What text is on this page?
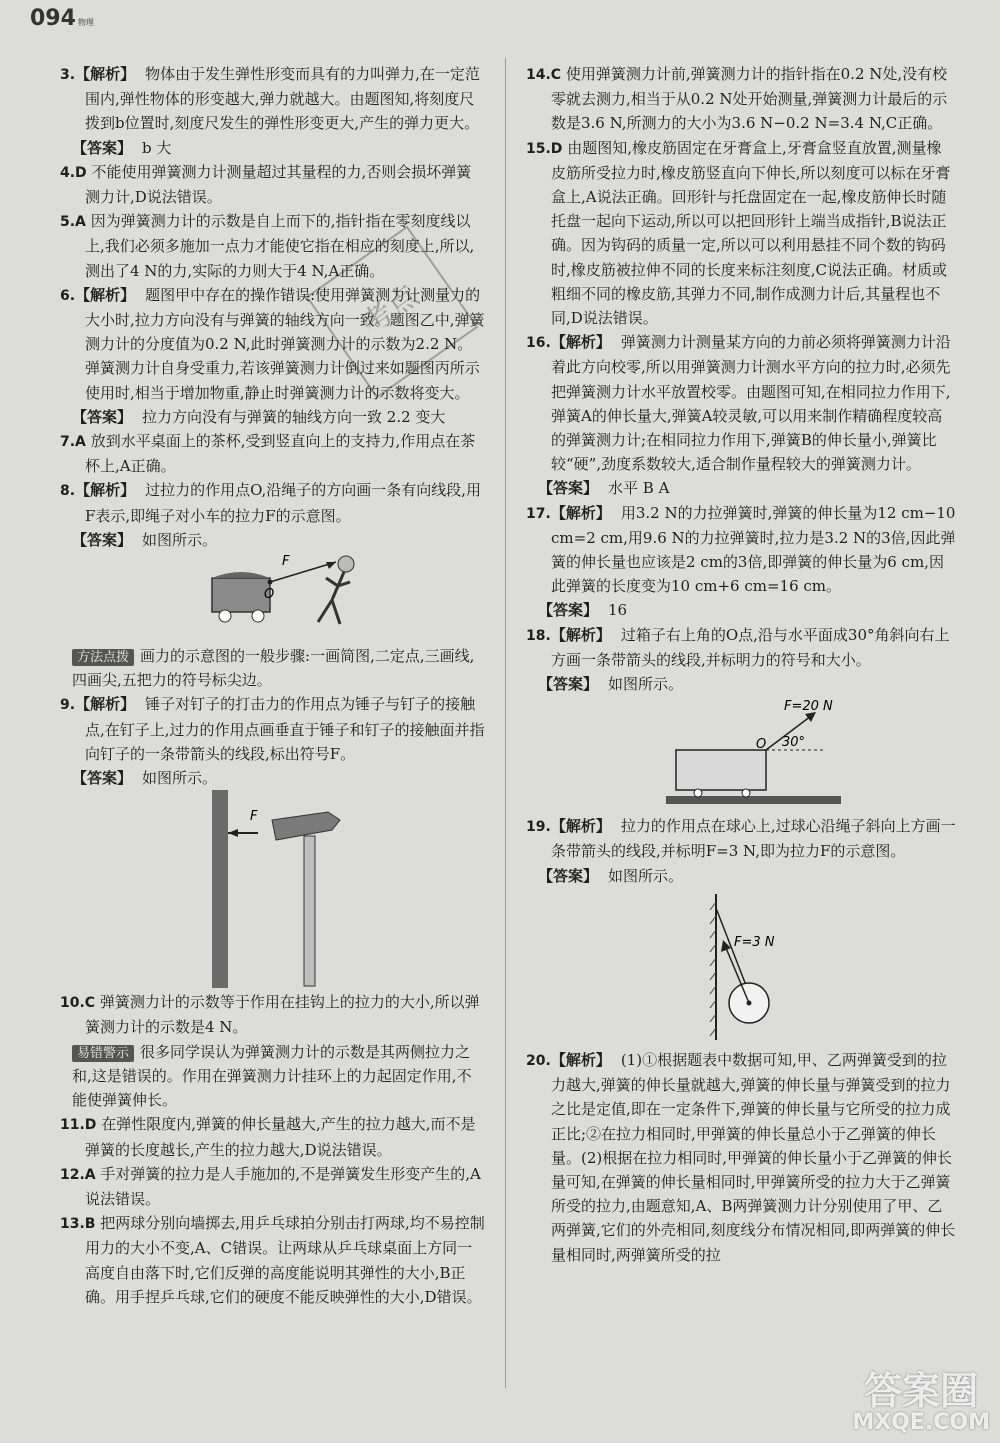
094 物理
考点

3.【解析】 物体由于发生弹性形变而具有的力叫弹力,在一定范围内,弹性物体的形变越大,弹力就越大。由题图知,将刻度尺拨到b位置时,刻度尺发生的弹性形变更大,产生的弹力更大。

【答案】 b 大

4.D 不能使用弹簧测力计测量超过其量程的力,否则会损坏弹簧测力计,D说法错误。

5.A 因为弹簧测力计的示数是自上而下的,指针指在零刻度线以上,我们必须多施加一点力才能使它指在相应的刻度上,所以,测出了4 N的力,实际的力则大于4 N,A正确。

6.【解析】 题图甲中存在的操作错误:使用弹簧测力计测量力的大小时,拉力方向没有与弹簧的轴线方向一致。题图乙中,弹簧测力计的分度值为0.2 N,此时弹簧测力计的示数为2.2 N。弹簧测力计自身受重力,若该弹簧测力计倒过来如题图丙所示使用时,相当于增加物重,静止时弹簧测力计的示数将变大。

【答案】 拉力方向没有与弹簧的轴线方向一致 2.2 变大

7.A 放到水平桌面上的茶杯,受到竖直向上的支持力,作用点在茶杯上,A正确。

8.【解析】 过拉力的作用点O,沿绳子的方向画一条有向线段,用F表示,即绳子对小车的拉力F的示意图。

【答案】 如图所示。

F
O

方法点拨 画力的示意图的一般步骤:一画简图,二定点,三画线,四画尖,五把力的符号标尖边。

9.【解析】 锤子对钉子的打击力的作用点为锤子与钉子的接触点,在钉子上,过力的作用点画垂直于锤子和钉子的接触面并指向钉子的一条带箭头的线段,标出符号F。

【答案】 如图所示。

F

10.C 弹簧测力计的示数等于作用在挂钩上的拉力的大小,所以弹簧测力计的示数是4 N。

易错警示 很多同学误认为弹簧测力计的示数是其两侧拉力之和,这是错误的。作用在弹簧测力计挂环上的力起固定作用,不能使弹簧伸长。

11.D 在弹性限度内,弹簧的伸长量越大,产生的拉力越大,而不是弹簧的长度越长,产生的拉力越大,D说法错误。

12.A 手对弹簧的拉力是人手施加的,不是弹簧发生形变产生的,A说法错误。

13.B 把两球分别向墙掷去,用乒乓球拍分别击打两球,均不易控制用力的大小不变,A、C错误。让两球从乒乓球桌面上方同一高度自由落下时,它们反弹的高度能说明其弹性的大小,B正确。用手捏乒乓球,它们的硬度不能反映弹性的大小,D错误。

14.C 使用弹簧测力计前,弹簧测力计的指针指在0.2 N处,没有校零就去测力,相当于从0.2 N处开始测量,弹簧测力计最后的示数是3.6 N,所测力的大小为3.6 N−0.2 N=3.4 N,C正确。

15.D 由题图知,橡皮筋固定在牙膏盒上,牙膏盒竖直放置,测量橡皮筋所受拉力时,橡皮筋竖直向下伸长,所以刻度可以标在牙膏盒上,A说法正确。回形针与托盘固定在一起,橡皮筋伸长时随托盘一起向下运动,所以可以把回形针上端当成指针,B说法正确。因为钩码的质量一定,所以可以利用悬挂不同个数的钩码时,橡皮筋被拉伸不同的长度来标注刻度,C说法正确。材质或粗细不同的橡皮筋,其弹力不同,制作成测力计后,其量程也不同,D说法错误。

16.【解析】 弹簧测力计测量某方向的力前必须将弹簧测力计沿着此方向校零,所以用弹簧测力计测水平方向的拉力时,必须先把弹簧测力计水平放置校零。由题图可知,在相同拉力作用下,弹簧A的伸长量大,弹簧A较灵敏,可以用来制作精确程度较高的弹簧测力计;在相同拉力作用下,弹簧B的伸长量小,弹簧比较“硬”,劲度系数较大,适合制作量程较大的弹簧测力计。

【答案】 水平 B A

17.【解析】 用3.2 N的力拉弹簧时,弹簧的伸长量为12 cm−10 cm=2 cm,用9.6 N的力拉弹簧时,拉力是3.2 N的3倍,因此弹簧的伸长量也应该是2 cm的3倍,即弹簧的伸长量为6 cm,因此弹簧的长度变为10 cm+6 cm=16 cm。

【答案】 16

18.【解析】 过箱子右上角的O点,沿与水平面成30°角斜向右上方画一条带箭头的线段,并标明力的符号和大小。

【答案】 如图所示。

F=20 N
O 30°

19.【解析】 拉力的作用点在球心上,过球心沿绳子斜向上方画一条带箭头的线段,并标明F=3 N,即为拉力F的示意图。

【答案】 如图所示。

F=3 N

20.【解析】 (1)①根据题表中数据可知,甲、乙两弹簧受到的拉力越大,弹簧的伸长量就越大,弹簧的伸长量与弹簧受到的拉力之比是定值,即在一定条件下,弹簧的伸长量与它所受的拉力成正比;②在拉力相同时,甲弹簧的伸长量总小于乙弹簧的伸长量。(2)根据在拉力相同时,甲弹簧的伸长量小于乙弹簧的伸长量可知,在弹簧的伸长量相同时,甲弹簧所受的拉力大于乙弹簧所受的拉力,由题意知,A、B两弹簧测力计分别使用了甲、乙两弹簧,它们的外壳相同,刻度线分布情况相同,即两弹簧的伸长量相同时,两弹簧所受的拉

答案圈
MXQE.COM
